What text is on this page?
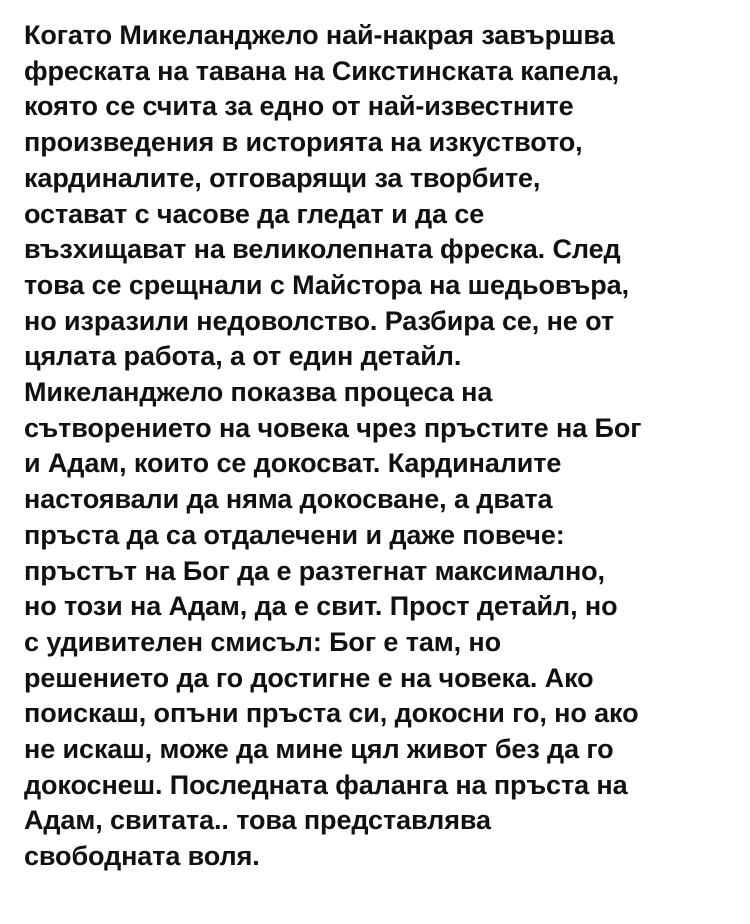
Когато Микеланджело най-накрая завършва
фреската на тавана на Сикстинската капела,
която се счита за едно от най-известните
произведения в историята на изкуството,
кардиналите, отговарящи за творбите,
остават с часове да гледат и да се
възхищават на великолепната фреска. След
това се срещнали с Майстора на шедьовъра,
но изразили недоволство. Разбира се, не от
цялата работа, а от един детайл.
Микеланджело показва процеса на
сътворението на човека чрез пръстите на Бог
и Адам, които се докосват. Кардиналите
настоявали да няма докосване, а двата
пръста да са отдалечени и даже повече:
пръстът на Бог да е разтегнат максимално,
но този на Адам, да е свит. Прост детайл, но
с удивителен смисъл: Бог е там, но
решението да го достигне е на човека. Ако
поискаш, опъни пръста си, докосни го, но ако
не искаш, може да мине цял живот без да го
докоснеш. Последната фаланга на пръста на
Адам, свитата.. това представлява
свободната воля.
